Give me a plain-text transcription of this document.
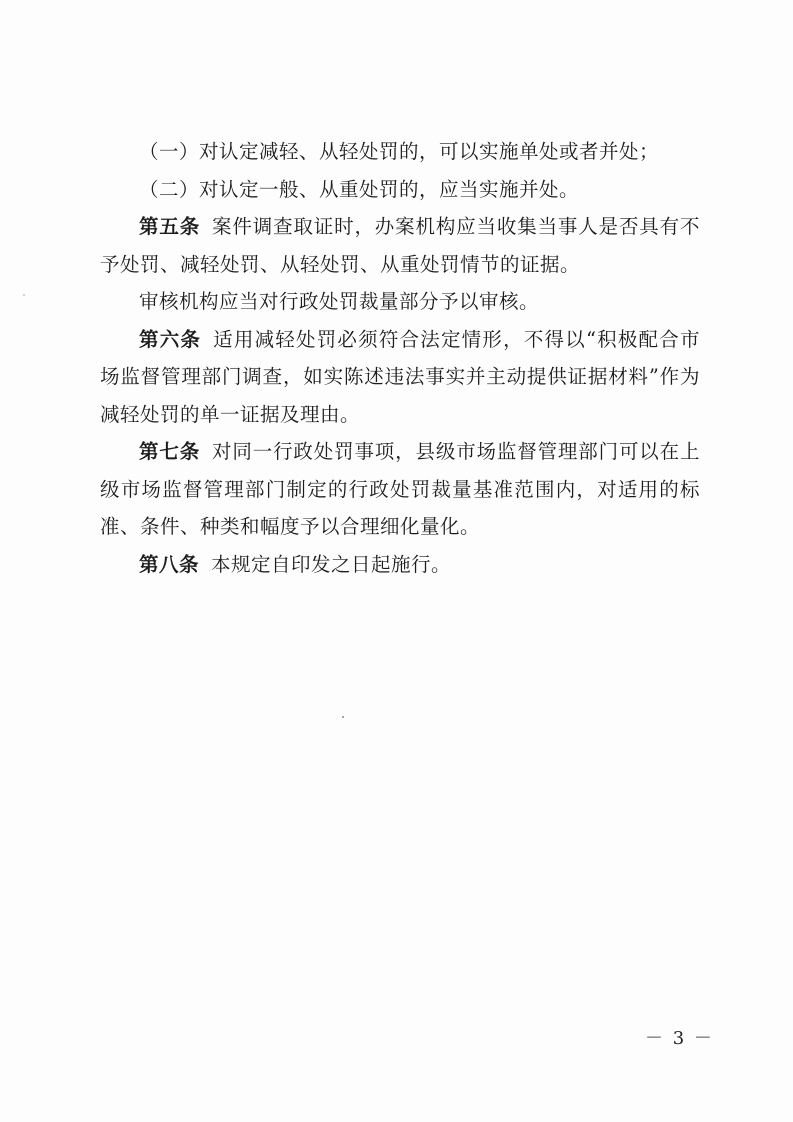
（一）对认定减轻、从轻处罚的，可以实施单处或者并处；

（二）对认定一般、从重处罚的，应当实施并处。

第五条 案件调查取证时，办案机构应当收集当事人是否具有不予处罚、减轻处罚、从轻处罚、从重处罚情节的证据。

审核机构应当对行政处罚裁量部分予以审核。

第六条 适用减轻处罚必须符合法定情形，不得以“积极配合市场监督管理部门调查，如实陈述违法事实并主动提供证据材料”作为减轻处罚的单一证据及理由。

第七条 对同一行政处罚事项，县级市场监督管理部门可以在上级市场监督管理部门制定的行政处罚裁量基准范围内，对适用的标准、条件、种类和幅度予以合理细化量化。

第八条 本规定自印发之日起施行。

－ 3 －
